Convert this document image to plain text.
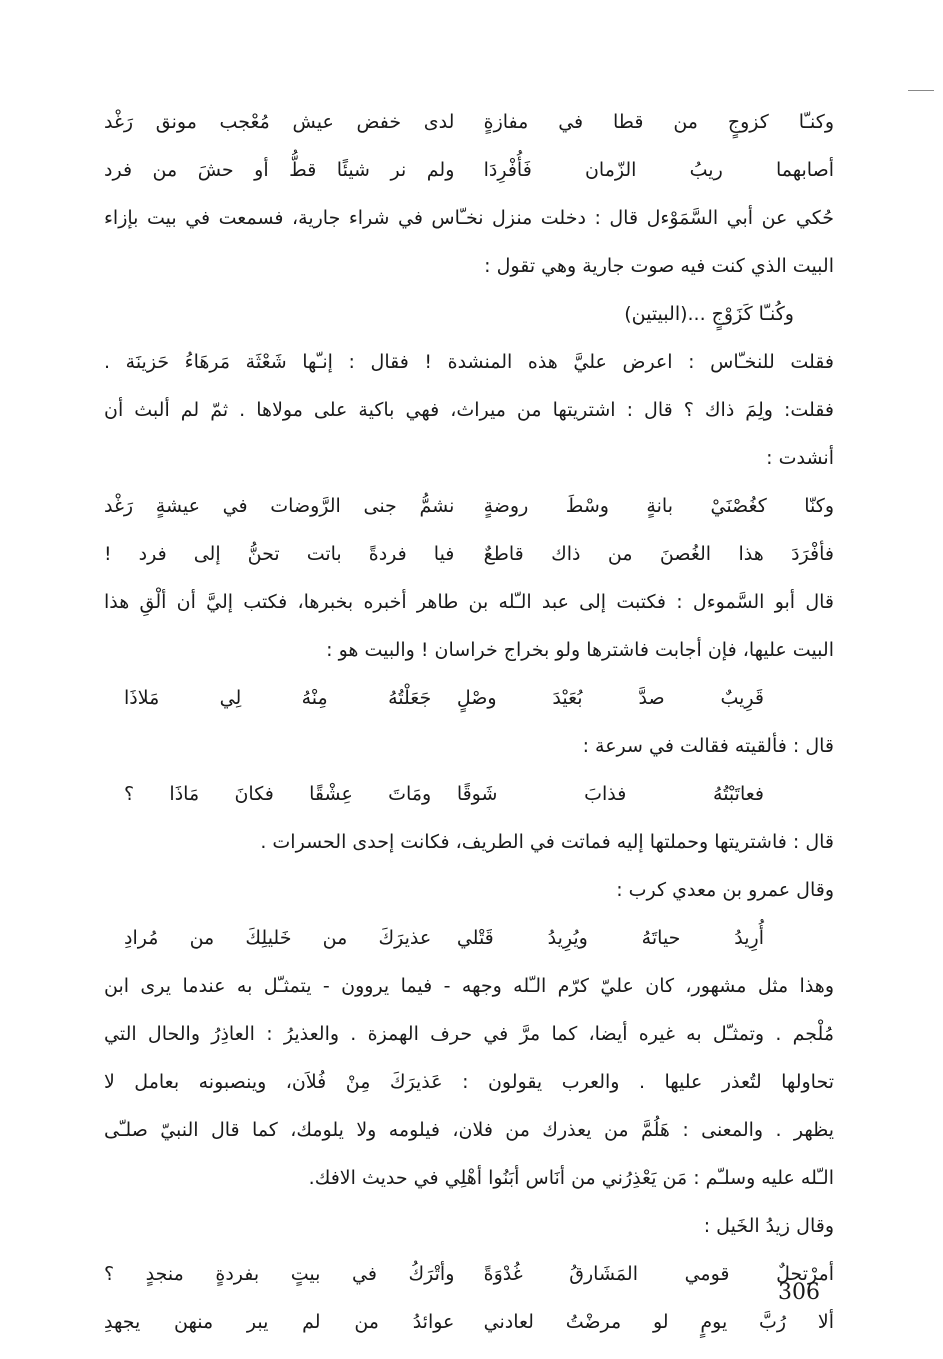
وكنـّا كزوجٍ من قطا في مفازةٍ
لدى خفض عيش مُعْجب مونق رَغْد
أصابهما ريبُ الزّمان فَأُفْرِدَا
ولم نر شيئًا قطُّ أو حشَ من فرد
حُكي عن أبي السَّمَوْءل قال : دخلت منزل نخـّاس في شراء جارية، فسمعت في بيت بإزاء
البيت الذي كنت فيه صوت جارية وهي تقول :
وكُنـّا كَزَوْجٍ ...(البيتين)
فقلت للنخـّاس : اعرض عليَّ هذه المنشدة ! فقال : إنـّها شَعْثَة مَرهَاءُ حَزينَة .
فقلت: ولِمَ ذاك ؟ قال : اشتريتها من ميراث، فهي باكية على مولاها . ثمّ لم ألبث أن
أنشدت :
وكنّا كغُصْنَيْ بانةٍ وسْطَ روضةٍ
نشمُّ جنى الرَّوضات في عيشةٍ رَغْد
فأفْرَدَ هذا الغُصنَ من ذاك قاطعٌ
فيا فردةً باتت تحنُّ إلى فرد !
قال أبو السَّموءل : فكتبت إلى عبد الـّله بن طاهر أخبره بخبرها، فكتب إليَّ أن ألْقِ هذا
البيت عليها، فإن أجابت فاشترها ولو بخراج خراسان ! والبيت هو :
قَرِيبٌ صدَّ بُعَيْدَ وصْلٍ
جَعَلْتُهُ مِنْهُ لِي مَلاذَا
قال : فألقيته فقالت في سرعة :
فعاتَبْتُهُ فذابَ شَوقًا
ومَاتَ عِشْقًا فكانَ مَاذَا ؟
قال : فاشتريتها وحملتها إليه فماتت في الطريف، فكانت إحدى الحسرات .
وقال عمرو بن معدي كرب :
أُرِيدُ حياتَهُ ويُرِيدُ قَتْلي
عذيرَكَ من خَليلِكَ من مُرادِ
وهذا مثل مشهور، كان عليّ كرّم الـّله وجهه - فيما يروون - يتمثـّل به عندما يرى ابن
مُلْجم . وتمثـّل به غيره أيضا، كما مرَّ في حرف الهمزة . والعذيرُ : العاذِرُ والحال التي
تحاولها لتُعذر عليها . والعرب يقولون : عَذيرَكَ مِنْ فُلاَن، وينصبونه بعامل لا
يظهر . والمعنى : هَلُمَّ من يعذرك من فلان، فيلومه ولا يلومك، كما قال النبيّ صلـّى
الـّله عليه وسلـّم : مَن يَعْذِرُني من أنَاس أبَنُوا أهْلِي في حديث الافك.
وقال زيدُ الخَيل :
أمرْتحلٌ قومي المَشَارقُ غُدْوَةً
وأتْرَكُ في بيتٍ بفردةٍ منجدٍ ؟
ألا رُبَّ يومٍ لو مرضْتُ لعادني
عوائدُ من لم يبر منهن يجهدِ
306
